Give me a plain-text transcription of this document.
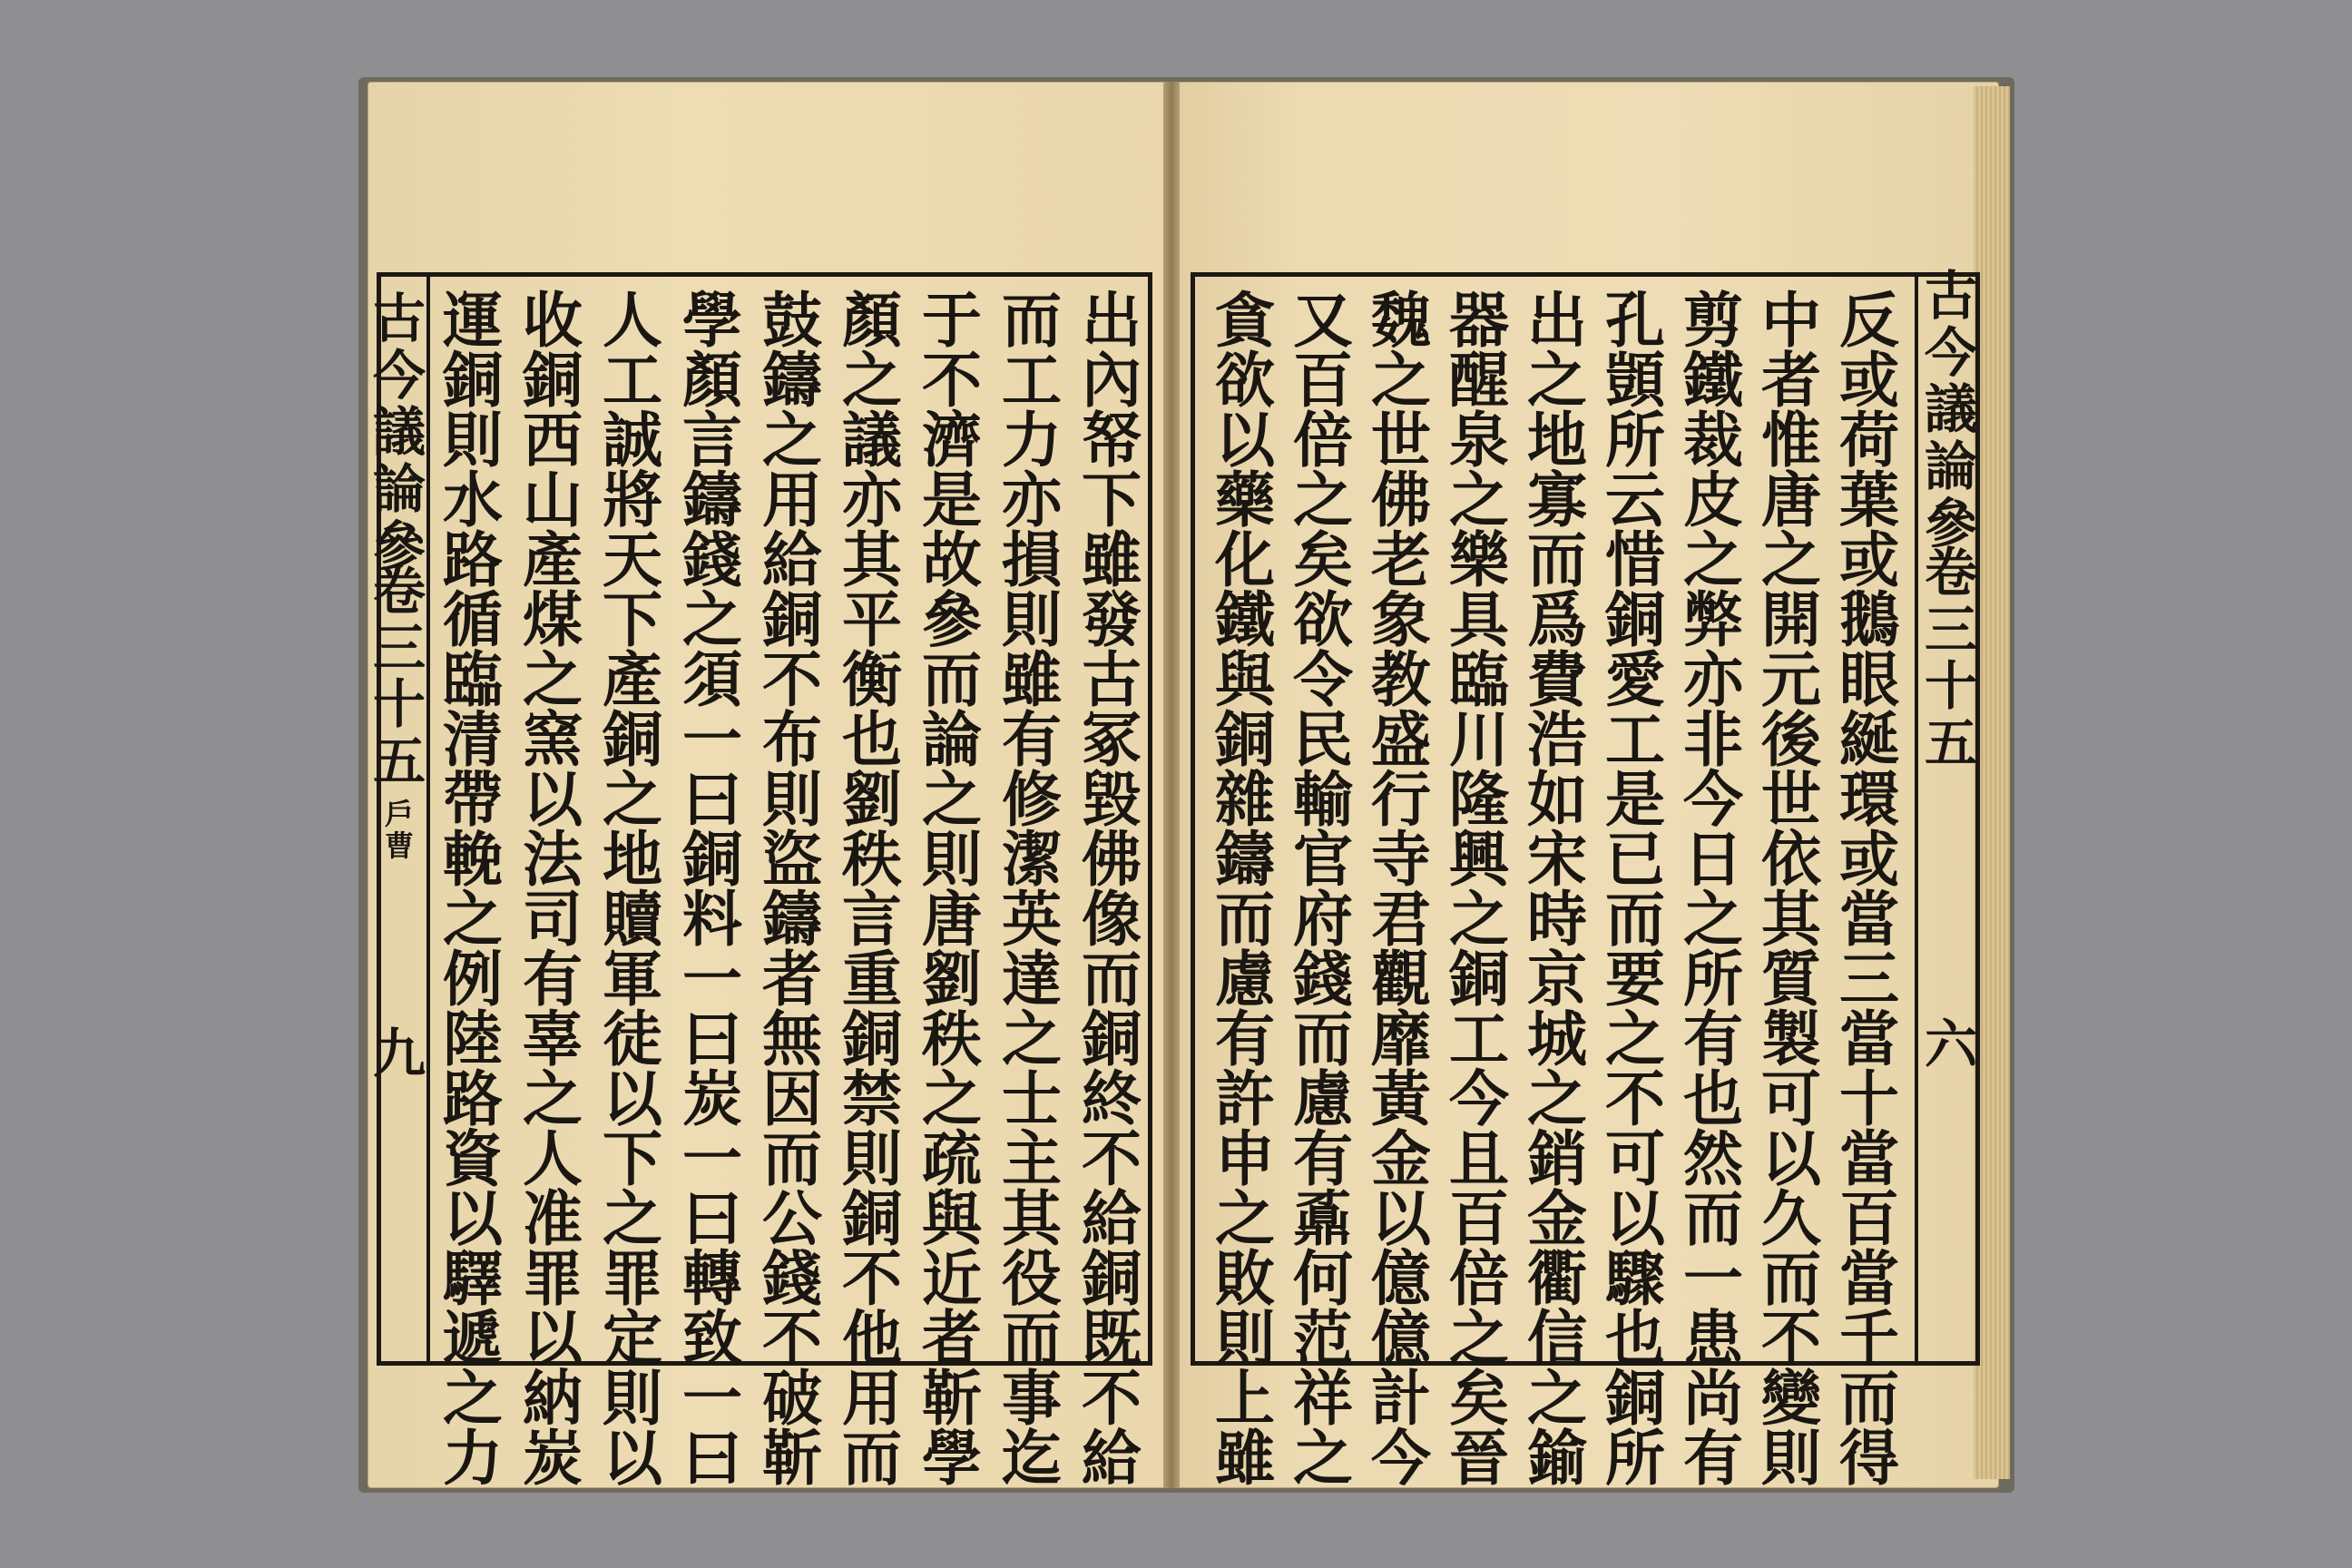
古
今
議
論
參
卷
三
十
五
戶
曹
九
古
今
議
論
參
卷
三
十
五
六
出
內
帑
下
雖
發
古
冢
毀
佛
像
而
銅
終
不
給
銅
既
不
給
而
工
力
亦
損
則
雖
有
修
潔
英
達
之
士
主
其
役
而
事
迄
于
不
濟
是
故
參
而
論
之
則
唐
劉
秩
之
疏
與
近
者
靳
學
顏
之
議
亦
其
平
衡
也
劉
秩
言
重
銅
禁
則
銅
不
他
用
而
鼓
鑄
之
用
給
銅
不
布
則
盜
鑄
者
無
因
而
公
錢
不
破
靳
學
顏
言
鑄
錢
之
須
一
曰
銅
料
一
曰
炭
一
曰
轉
致
一
曰
人
工
誠
將
天
下
產
銅
之
地
贖
軍
徒
以
下
之
罪
定
則
以
收
銅
西
山
產
煤
之
窯
以
法
司
有
辜
之
人
准
罪
以
納
炭
運
銅
則
水
路
循
臨
清
帶
輓
之
例
陸
路
資
以
驛
遞
之
力
反
或
荷
葉
或
鵝
眼
綖
環
或
當
三
當
十
當
百
當
千
而
得
中
者
惟
唐
之
開
元
後
世
依
其
質
製
可
以
久
而
不
變
則
剪
鐵
裁
皮
之
弊
亦
非
今
日
之
所
有
也
然
而
一
患
尚
有
孔
顗
所
云
惜
銅
愛
工
是
已
而
要
之
不
可
以
驟
也
銅
所
出
之
地
寡
而
爲
費
浩
如
宋
時
京
城
之
銷
金
衢
信
之
鍮
器
醒
泉
之
樂
具
臨
川
隆
興
之
銅
工
今
且
百
倍
之
矣
晉
魏
之
世
佛
老
象
教
盛
行
寺
君
觀
靡
黃
金
以
億
億
計
今
又
百
倍
之
矣
欲
令
民
輸
官
府
錢
而
慮
有
鼒
何
范
祥
之
貪
欲
以
藥
化
鐵
與
銅
雜
鑄
而
慮
有
許
申
之
敗
則
上
雖
